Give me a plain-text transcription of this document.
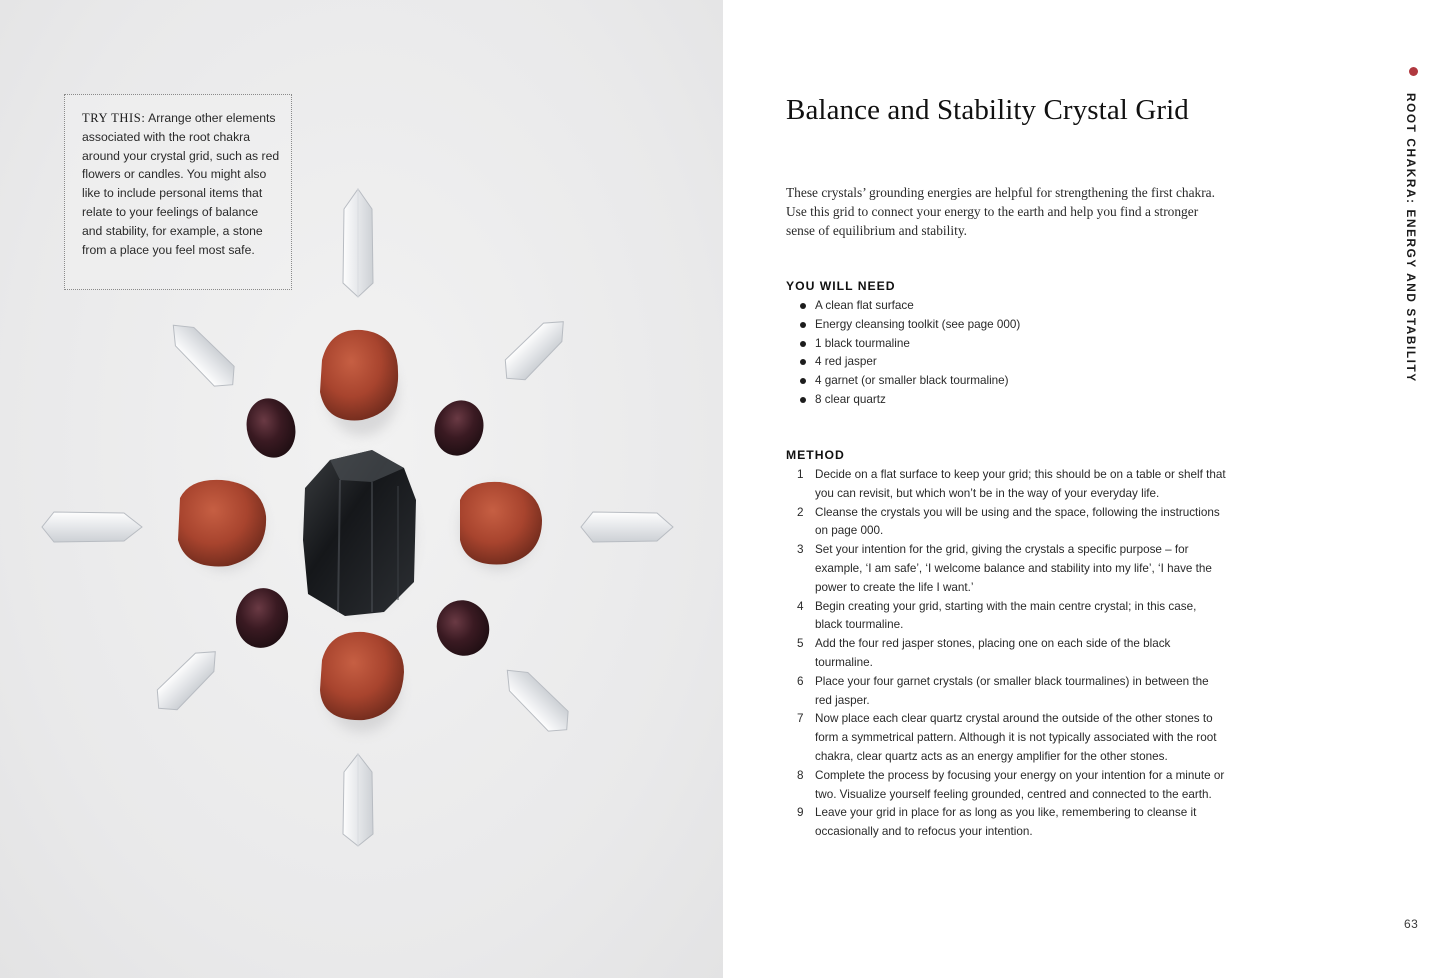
TRY THIS: Arrange other elements associated with the root chakra around your crystal grid, such as red flowers or candles. You might also like to include personal items that relate to your feelings of balance and stability, for example, a stone from a place you feel most safe.

Balance and Stability Crystal Grid

These crystals’ grounding energies are helpful for strengthening the first chakra. Use this grid to connect your energy to the earth and help you find a stronger sense of equilibrium and stability.

YOU WILL NEED
A clean flat surface
Energy cleansing toolkit (see page 000)
1 black tourmaline
4 red jasper
4 garnet (or smaller black tourmaline)
8 clear quartz
METHOD
1 Decide on a flat surface to keep your grid; this should be on a table or shelf that you can revisit, but which won’t be in the way of your everyday life.
2 Cleanse the crystals you will be using and the space, following the instructions on page 000.
3 Set your intention for the grid, giving the crystals a specific purpose – for example, ‘I am safe’, ‘I welcome balance and stability into my life’, ‘I have the power to create the life I want.’
4 Begin creating your grid, starting with the main centre crystal; in this case, black tourmaline.
5 Add the four red jasper stones, placing one on each side of the black tourmaline.
6 Place your four garnet crystals (or smaller black tourmalines) in between the red jasper.
7 Now place each clear quartz crystal around the outside of the other stones to form a symmetrical pattern. Although it is not typically associated with the root chakra, clear quartz acts as an energy amplifier for the other stones.
8 Complete the process by focusing your energy on your intention for a minute or two. Visualize yourself feeling grounded, centred and connected to the earth.
9 Leave your grid in place for as long as you like, remembering to cleanse it occasionally and to refocus your intention.
ROOT CHAKRA: ENERGY AND STABILITY
63
